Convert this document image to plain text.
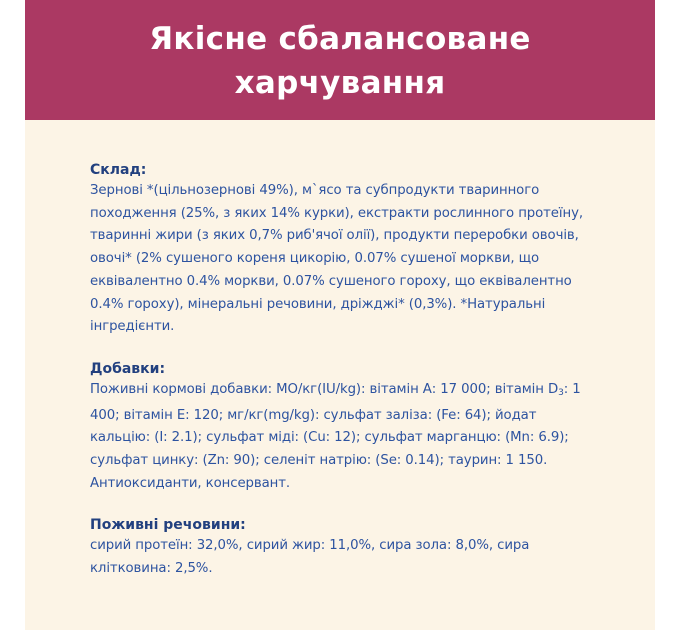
Якісне сбалансоване
харчування
Склад:

Зернові *(цільнозернові 49%), м`ясо та субпродукти тваринного походження (25%, з яких 14% курки), екстракти рослинного протеїну, тваринні жири (з яких 0,7% риб'ячої олії), продукти переробки овочів, овочі* (2% сушеного кореня цикорію, 0.07% сушеної моркви, що еквівалентно 0.4% моркви, 0.07% сушеного гороху, що еквівалентно 0.4% гороху), мінеральні речовини, дріжджі* (0,3%). *Натуральні інгредієнти.

Добавки:

Поживні кормові добавки: МО/кг(IU/kg): вітамін А: 17 000; вітамін $D_3$: 1 400; вітамін Е: 120; мг/кг(mg/kg): сульфат заліза: (Fe: 64); йодат кальцію: (I: 2.1); сульфат міді: (Cu: 12); сульфат марганцю: (Mn: 6.9); сульфат цинку: (Zn: 90); селеніт натрію: (Se: 0.14); таурин: 1 150. Антиоксиданти, консервант.

Поживні речовини:

сирий протеїн: 32,0%, сирий жир: 11,0%, сира зола: 8,0%, сира клітковина: 2,5%.
